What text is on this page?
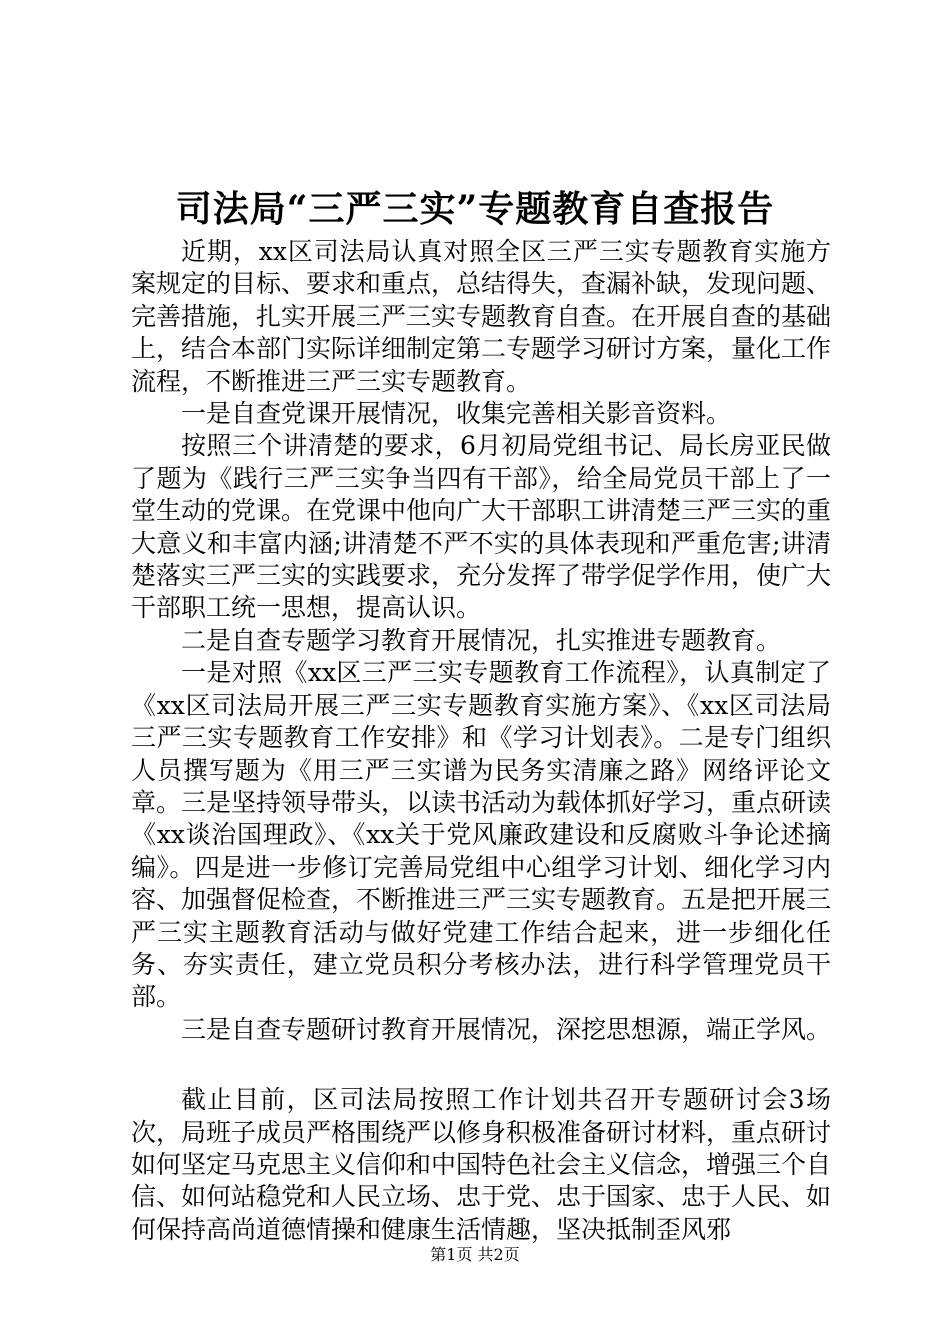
司法局“三严三实”专题教育自查报告

近期，xx区司法局认真对照全区三严三实专题教育实施方案规定的目标、要求和重点，总结得失，查漏补缺，发现问题、完善措施，扎实开展三严三实专题教育自查。在开展自查的基础上，结合本部门实际详细制定第二专题学习研讨方案，量化工作流程，不断推进三严三实专题教育。

一是自查党课开展情况，收集完善相关影音资料。

按照三个讲清楚的要求，6月初局党组书记、局长房亚民做了题为《践行三严三实争当四有干部》，给全局党员干部上了一堂生动的党课。在党课中他向广大干部职工讲清楚三严三实的重大意义和丰富内涵;讲清楚不严不实的具体表现和严重危害;讲清楚落实三严三实的实践要求，充分发挥了带学促学作用，使广大干部职工统一思想，提高认识。

二是自查专题学习教育开展情况，扎实推进专题教育。

一是对照《xx区三严三实专题教育工作流程》，认真制定了《xx区司法局开展三严三实专题教育实施方案》、《xx区司法局三严三实专题教育工作安排》和《学习计划表》。二是专门组织人员撰写题为《用三严三实谱为民务实清廉之路》网络评论文章。三是坚持领导带头，以读书活动为载体抓好学习，重点研读《xx谈治国理政》、《xx关于党风廉政建设和反腐败斗争论述摘编》。四是进一步修订完善局党组中心组学习计划、细化学习内容、加强督促检查，不断推进三严三实专题教育。五是把开展三严三实主题教育活动与做好党建工作结合起来，进一步细化任务、夯实责任，建立党员积分考核办法，进行科学管理党员干部。

三是自查专题研讨教育开展情况，深挖思想源，端正学风。

截止目前，区司法局按照工作计划共召开专题研讨会3场次，局班子成员严格围绕严以修身积极准备研讨材料，重点研讨如何坚定马克思主义信仰和中国特色社会主义信念，增强三个自信、如何站稳党和人民立场、忠于党、忠于国家、忠于人民、如何保持高尚道德情操和健康生活情趣，坚决抵制歪风邪

第1页 共2页
